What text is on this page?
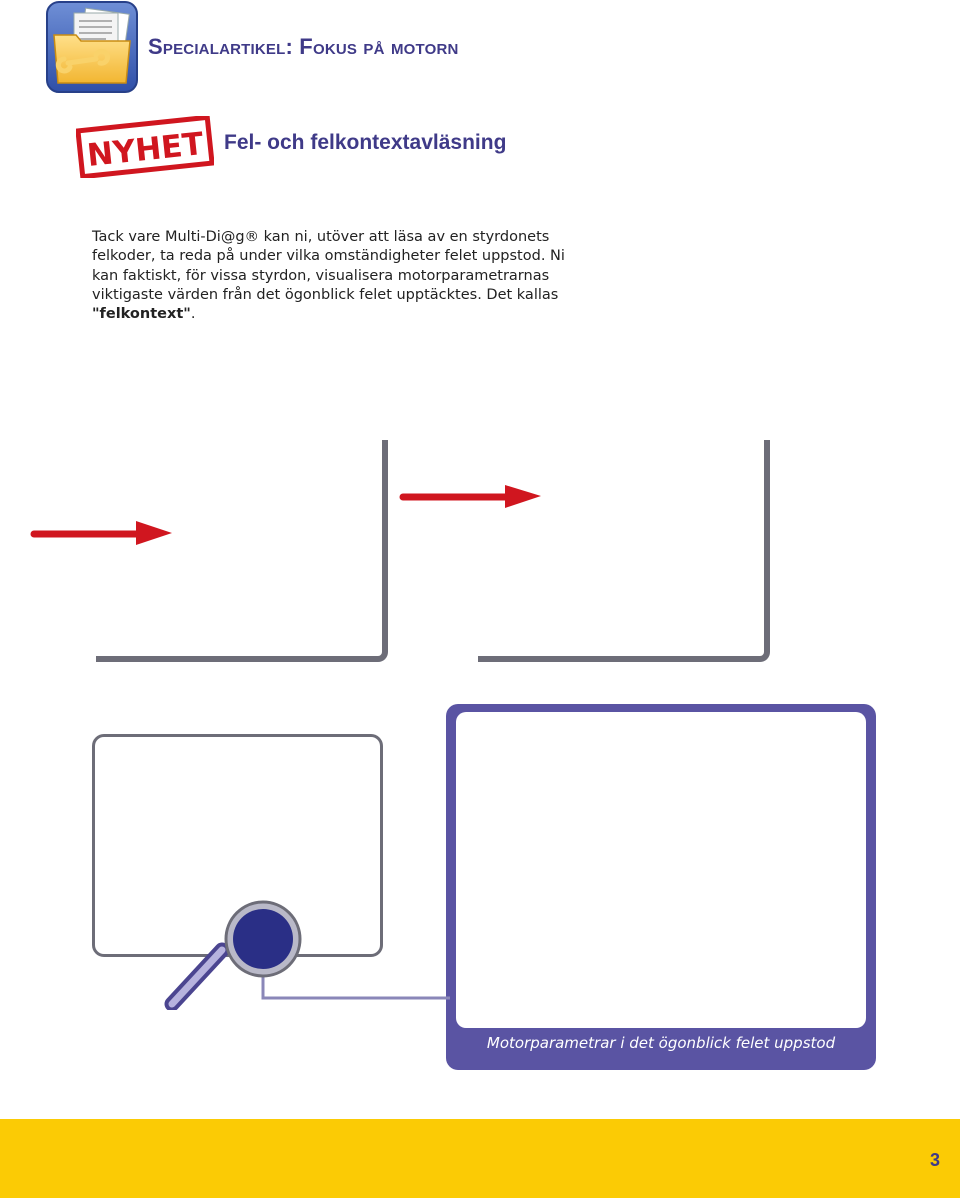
Specialartikel: Fokus på motorn
NYHET Fel- och felkontextavläsning

Tack vare Multi-Di@g® kan ni, utöver att läsa av en styrdonets felkoder, ta reda på under vilka omständigheter felet uppstod. Ni kan faktiskt, för vissa styrdon, visualisera motorparametrarnas viktigaste värden från det ögonblick felet upptäcktes. Det kallas "felkontext".

Motorparametrar i det ögonblick felet uppstod
3
